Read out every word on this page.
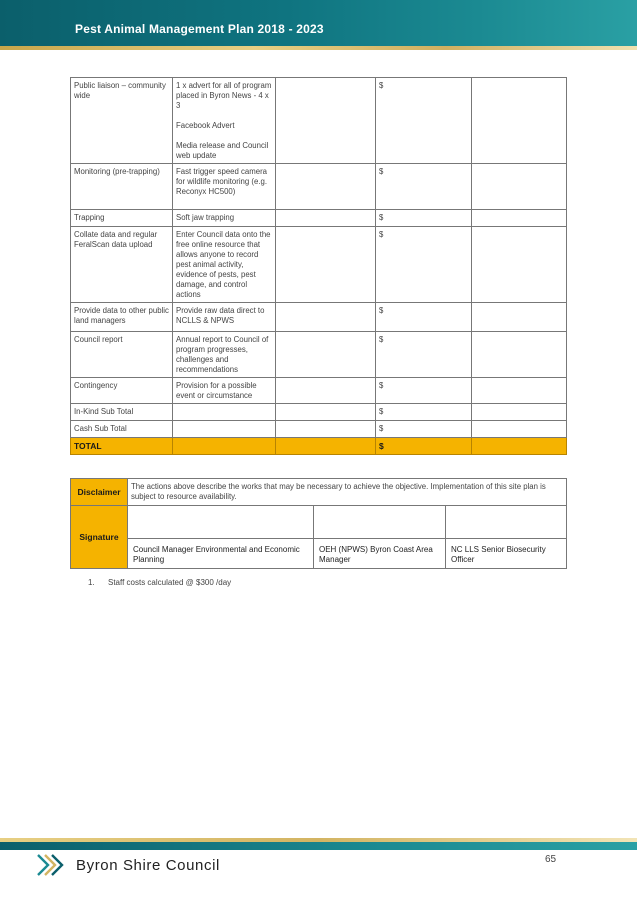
Pest Animal Management Plan 2018 - 2023
Public liaison – community wide	1 x advert for all of program placed in Byron News - 4 x 3

Facebook Advert

Media release and Council web update		$	
Monitoring (pre-trapping)	Fast trigger speed camera for wildlife monitoring (e.g. Reconyx HC500)		$	
Trapping	Soft jaw trapping		$	
Collate data and regular FeralScan data upload	Enter Council data onto the free online resource that allows anyone to record pest animal activity, evidence of pests, pest damage, and control actions		$	
Provide data to other public land managers	Provide raw data direct to NCLLS & NPWS		$	
Council report	Annual report to Council of program progresses, challenges and recommendations		$	
Contingency	Provision for a possible event or circumstance		$	
In-Kind Sub Total			$	
Cash Sub Total			$	
TOTAL			$	
Disclaimer	The actions above describe the works that may be necessary to achieve the objective. Implementation of this site plan is subject to resource availability.		
Signature			
	Council Manager Environmental and Economic Planning	OEH (NPWS) Byron Coast Area Manager	NC LLS Senior Biosecurity Officer
1. Staff costs calculated @ $300 /day
Byron Shire Council	65
